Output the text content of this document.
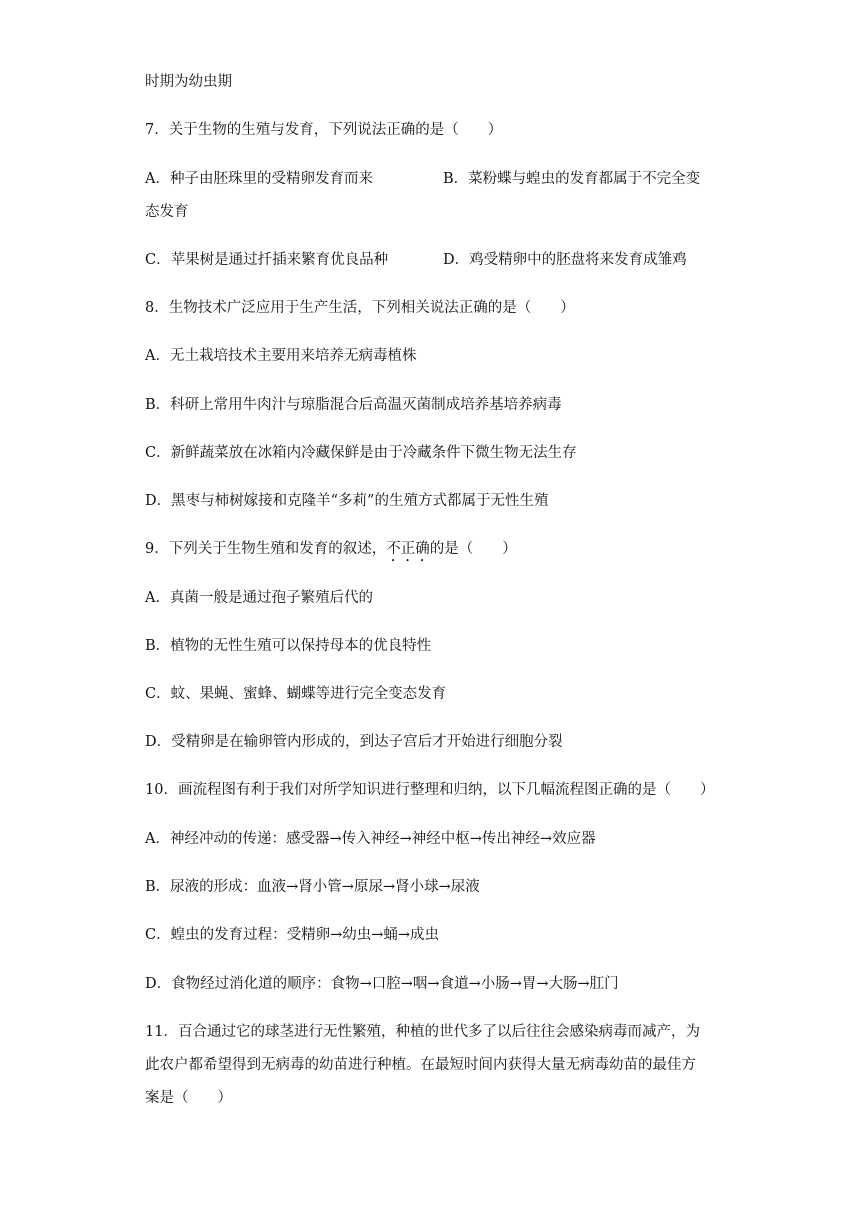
时期为幼虫期
7．关于生物的生殖与发育，下列说法正确的是（　　）
A．种子由胚珠里的受精卵发育而来	B．菜粉蝶与蝗虫的发育都属于不完全变
态发育
C．苹果树是通过扦插来繁育优良品种	D．鸡受精卵中的胚盘将来发育成雏鸡
8．生物技术广泛应用于生产生活，下列相关说法正确的是（　　）
A．无土栽培技术主要用来培养无病毒植株
B．科研上常用牛肉汁与琼脂混合后高温灭菌制成培养基培养病毒
C．新鲜蔬菜放在冰箱内冷藏保鲜是由于冷藏条件下微生物无法生存
D．黑枣与柿树嫁接和克隆羊“多莉”的生殖方式都属于无性生殖
9．下列关于生物生殖和发育的叙述，不正确的是（　　）
A．真菌一般是通过孢子繁殖后代的
B．植物的无性生殖可以保持母本的优良特性
C．蚊、果蝇、蜜蜂、蝴蝶等进行完全变态发育
D．受精卵是在输卵管内形成的，到达子宫后才开始进行细胞分裂
10．画流程图有利于我们对所学知识进行整理和归纳，以下几幅流程图正确的是（　　）
A．神经冲动的传递：感受器→传入神经→神经中枢→传出神经→效应器
B．尿液的形成：血液→肾小管→原尿→肾小球→尿液
C．蝗虫的发育过程：受精卵→幼虫→蛹→成虫
D．食物经过消化道的顺序：食物→口腔→咽→食道→小肠→胃→大肠→肛门
11．百合通过它的球茎进行无性繁殖，种植的世代多了以后往往会感染病毒而减产，为
此农户都希望得到无病毒的幼苗进行种植。在最短时间内获得大量无病毒幼苗的最佳方
案是（　　）
